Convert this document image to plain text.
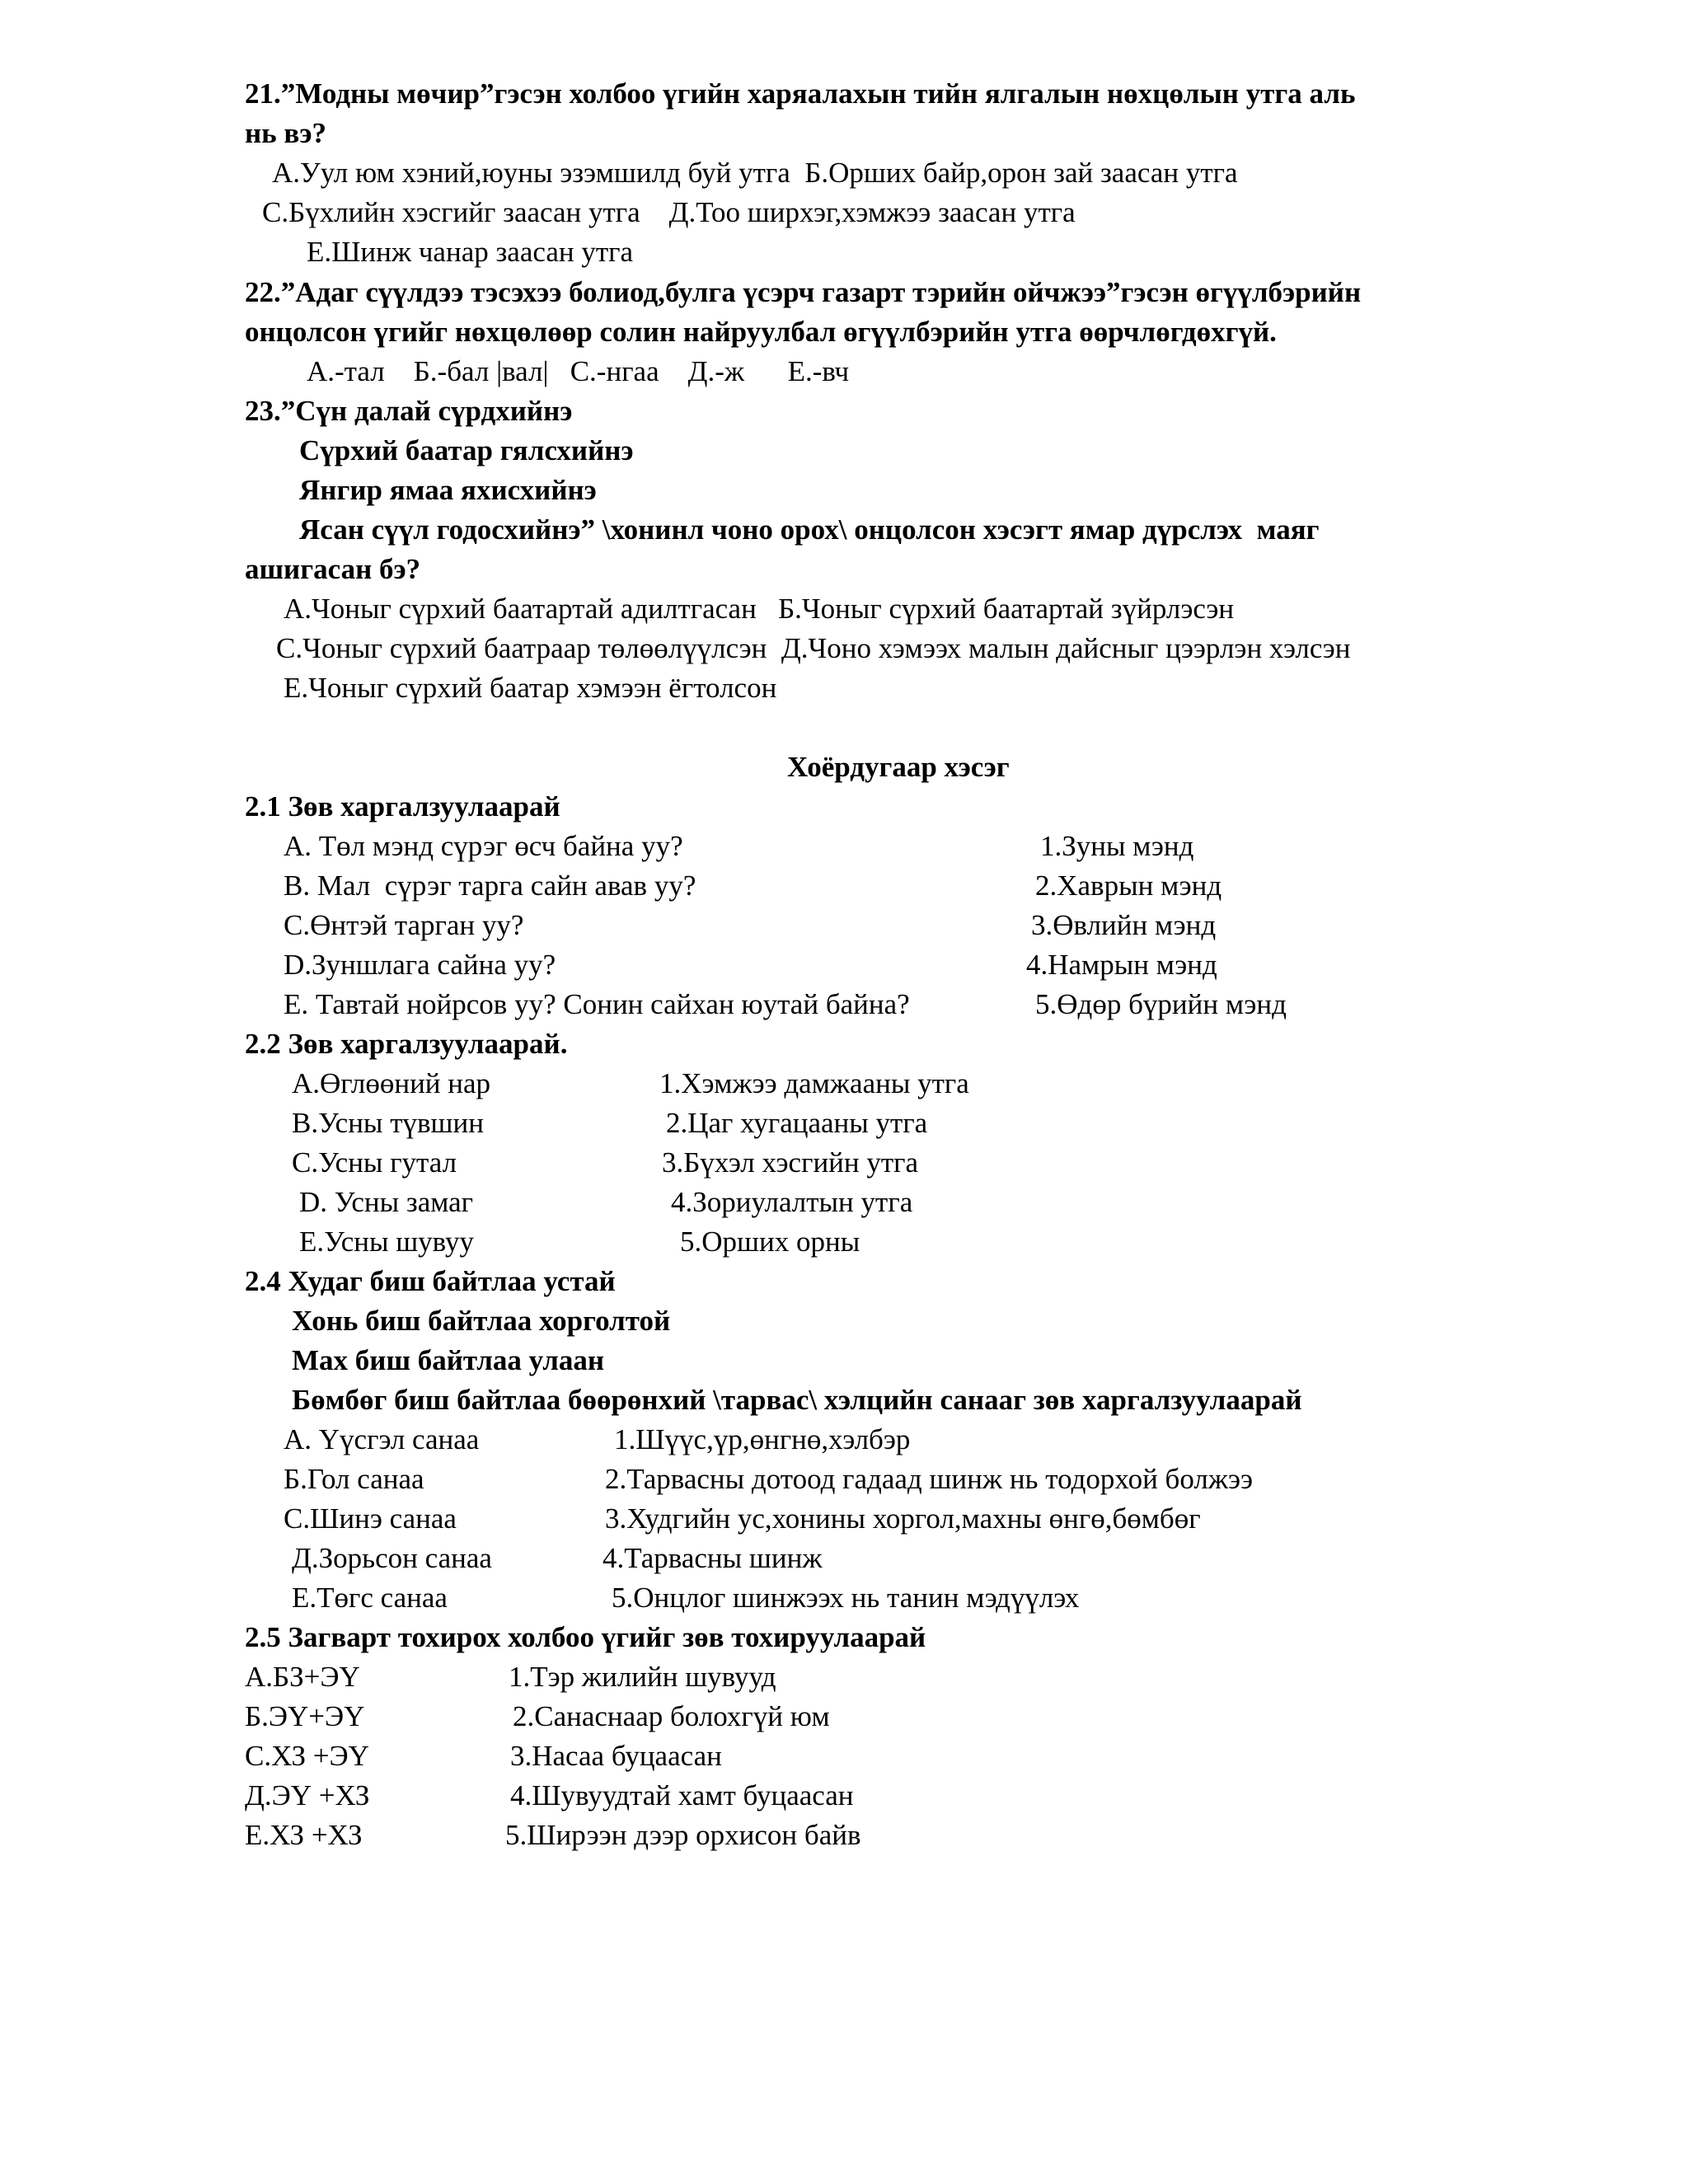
21.”Модны мөчир”гэсэн холбоо үгийн харяалахын тийн ялгалын нөхцөлын утга аль
нь вэ?
А.Уул юм хэний,юуны эзэмшилд буй утга  Б.Орших байр,орон зай заасан утга
С.Бүхлийн хэсгийг заасан утга    Д.Тоо ширхэг,хэмжээ заасан утга
Е.Шинж чанар заасан утга
22.”Адаг сүүлдээ тэсэхээ болиод,булга үсэрч газарт тэрийн ойчжээ”гэсэн өгүүлбэрийн
онцолсон үгийг нөхцөлөөр солин найруулбал өгүүлбэрийн утга өөрчлөгдөхгүй.
А.-тал    Б.-бал |вал|   С.-нгаа    Д.-ж      Е.-вч
23.”Сүн далай сүрдхийнэ
Сүрхий баатар гялсхийнэ
Янгир ямаа яхисхийнэ
Ясан сүүл годосхийнэ” \хонинл чоно орох\ онцолсон хэсэгт ямар дүрслэх  маяг
ашигасан бэ?
А.Чоныг сүрхий баатартай адилтгасан   Б.Чоныг сүрхий баатартай зүйрлэсэн
С.Чоныг сүрхий баатраар төлөөлүүлсэн  Д.Чоно хэмээх малын дайсныг цээрлэн хэлсэн
Е.Чоныг сүрхий баатар хэмээн ёгтолсон
Хоёрдугаар хэсэг
2.1 Зөв харгалзуулаарай
А. Төл мэнд сүрэг өсч байна уу?
В. Мал  сүрэг тарга сайн авав уу?
С.Өнтэй тарган уу?
D.Зуншлага сайна уу?
Е. Тавтай нойрсов уу? Сонин сайхан юутай байна?
1.Зуны мэнд
2.Хаврын мэнд
3.Өвлийн мэнд
4.Намрын мэнд
5.Өдөр бүрийн мэнд
2.2 Зөв харгалзуулаарай.
А.Өглөөний нар
В.Усны түвшин
С.Усны гутал
D. Усны замаг
Е.Усны шувуу
1.Хэмжээ дамжааны утга
2.Цаг хугацааны утга
3.Бүхэл хэсгийн утга
4.Зориулалтын утга
5.Орших орны
2.4 Худаг биш байтлаа устай
Хонь биш байтлаа хорголтой
Мах биш байтлаа улаан
Бөмбөг биш байтлаа бөөрөнхий \тарвас\ хэлцийн санааг зөв харгалзуулаарай
А. Үүсгэл санаа
Б.Гол санаа
С.Шинэ санаа
Д.Зорьсон санаа
Е.Төгс санаа
1.Шүүс,үр,өнгнө,хэлбэр
2.Тарвасны дотоод гадаад шинж нь тодорхой болжээ
3.Худгийн ус,хонины хоргол,махны өнгө,бөмбөг
4.Тарвасны шинж
5.Онцлог шинжээх нь танин мэдүүлэх
2.5 Загварт тохирох холбоо үгийг зөв тохируулаарай
А.БЗ+ЭҮ
Б.ЭҮ+ЭҮ
С.ХЗ +ЭҮ
Д.ЭҮ +ХЗ
Е.ХЗ +ХЗ
1.Тэр жилийн шувууд
2.Санаснаар болохгүй юм
3.Насаа буцаасан
4.Шувуудтай хамт буцаасан
5.Ширээн дээр орхисон байв
